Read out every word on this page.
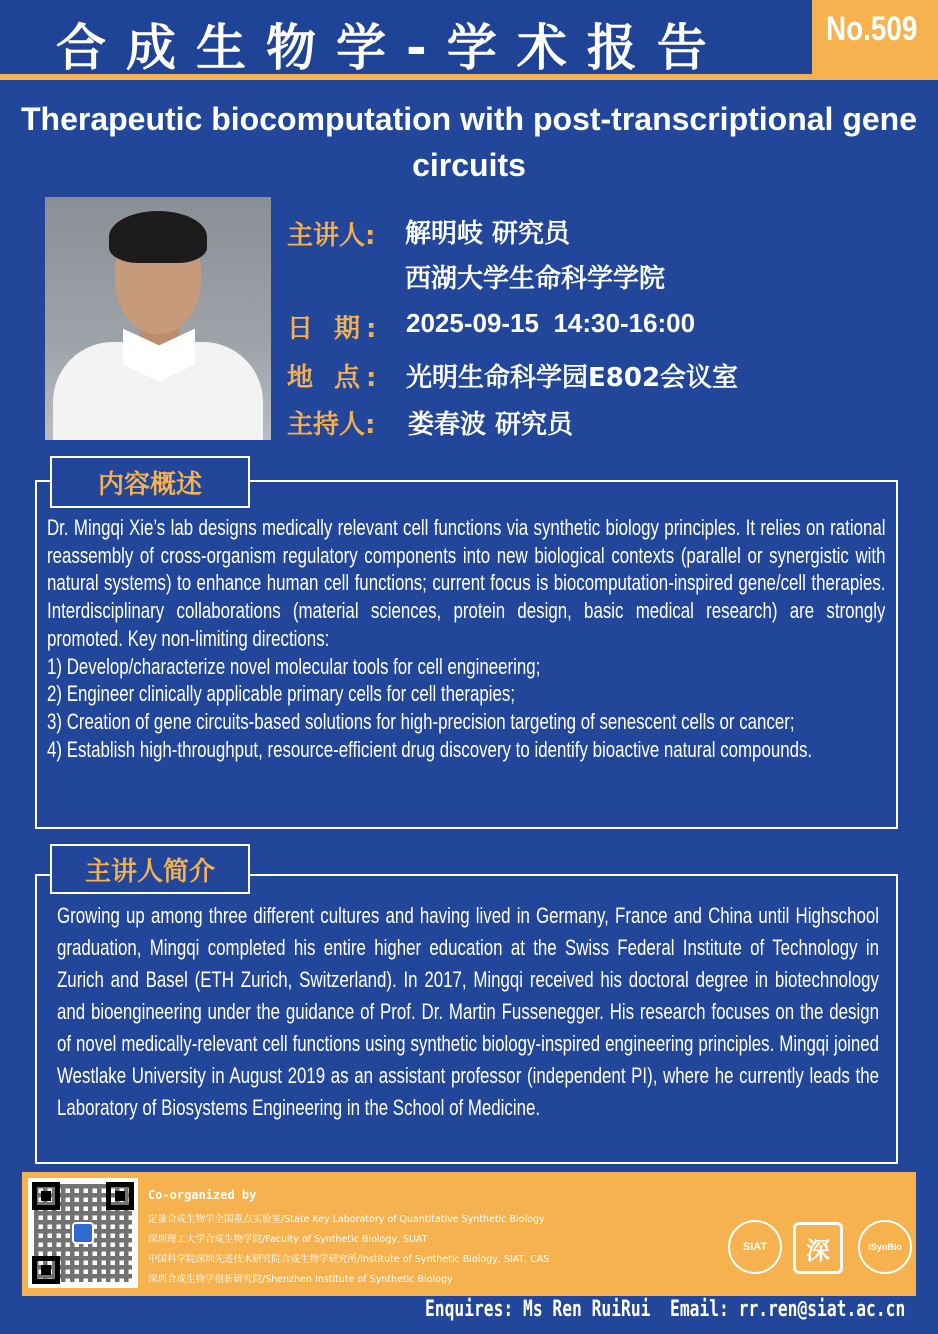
合成生物学-学术报告	No.509
Therapeutic biocomputation with post-transcriptional gene circuits
主讲人: 解明岐 研究员
西湖大学生命科学学院
日 期: 2025-09-15  14:30-16:00
地 点: 光明生命科学园E802会议室
主持人: 娄春波 研究员
内容概述
Dr. Mingqi Xie’s lab designs medically relevant cell functions via synthetic biology principles. It relies on rational reassembly of cross-organism regulatory components into new biological contexts (parallel or synergistic with natural systems) to enhance human cell functions; current focus is biocomputation-inspired gene/cell therapies. Interdisciplinary collaborations (material sciences, protein design, basic medical research) are strongly promoted. Key non-limiting directions:
1) Develop/characterize novel molecular tools for cell engineering;
2) Engineer clinically applicable primary cells for cell therapies;
3) Creation of gene circuits-based solutions for high-precision targeting of senescent cells or cancer;
4) Establish high-throughput, resource-efficient drug discovery to identify bioactive natural compounds.
主讲人简介
Growing up among three different cultures and having lived in Germany, France and China until Highschool graduation, Mingqi completed his entire higher education at the Swiss Federal Institute of Technology in Zurich and Basel (ETH Zurich, Switzerland). In 2017, Mingqi received his doctoral degree in biotechnology and bioengineering under the guidance of Prof. Dr. Martin Fussenegger. His research focuses on the design of novel medically-relevant cell functions using synthetic biology-inspired engineering principles. Mingqi joined Westlake University in August 2019 as an assistant professor (independent PI), where he currently leads the Laboratory of Biosystems Engineering in the School of Medicine.
Co-organized by
定量合成生物学全国重点实验室/State Key Laboratory of Quantitative Synthetic Biology
深圳理工大学合成生物学院/Faculty of Synthetic Biology, SUAT
中国科学院深圳先进技术研究院合成生物学研究所/Institute of Synthetic Biology, SIAT, CAS
深圳合成生物学创新研究院/Shenzhen Institute of Synthetic Biology
SIAT 深	iSynBio
Enquires: Ms Ren RuiRui  Email: rr.ren@siat.ac.cn
